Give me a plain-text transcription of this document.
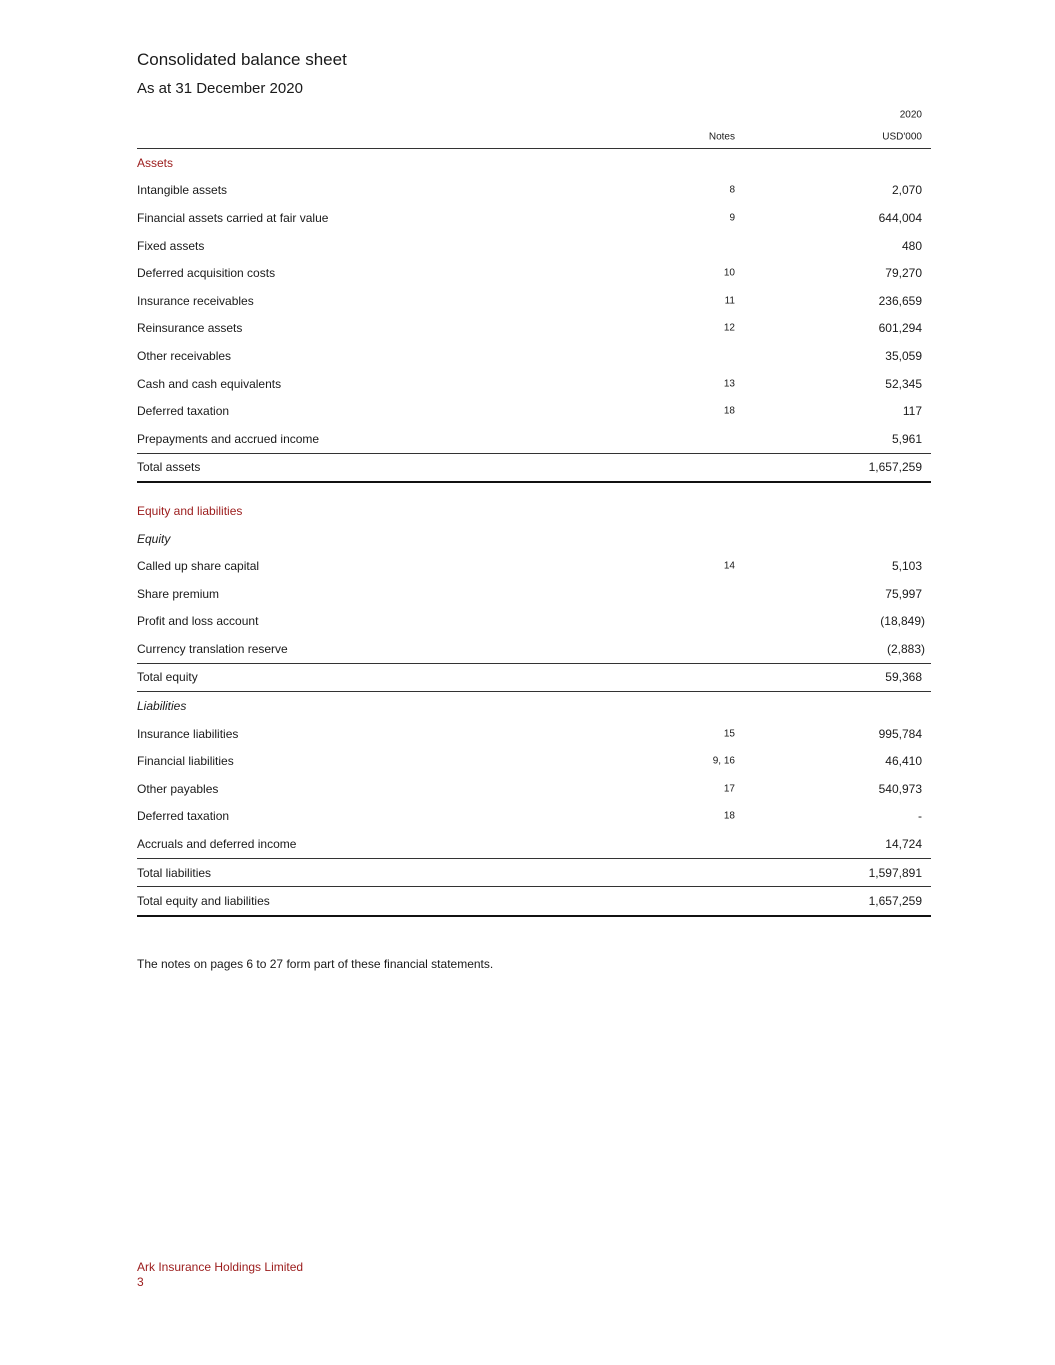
Consolidated balance sheet
As at 31 December 2020
2020
Notes	USD'000
Assets
Intangible assets	8	2,070
Financial assets carried at fair value	9	644,004
Fixed assets	480
Deferred acquisition costs	10	79,270
Insurance receivables	11	236,659
Reinsurance assets	12	601,294
Other receivables	35,059
Cash and cash equivalents	13	52,345
Deferred taxation	18	117
Prepayments and accrued income	5,961
Total assets	1,657,259
Equity and liabilities
Equity
Called up share capital	14	5,103
Share premium	75,997
Profit and loss account	(18,849)
Currency translation reserve	(2,883)
Total equity	59,368
Liabilities
Insurance liabilities	15	995,784
Financial liabilities	9, 16	46,410
Other payables	17	540,973
Deferred taxation	18	-
Accruals and deferred income	14,724
Total liabilities	1,597,891
Total equity and liabilities	1,657,259
The notes on pages 6 to 27 form part of these financial statements.
Ark Insurance Holdings Limited
3
